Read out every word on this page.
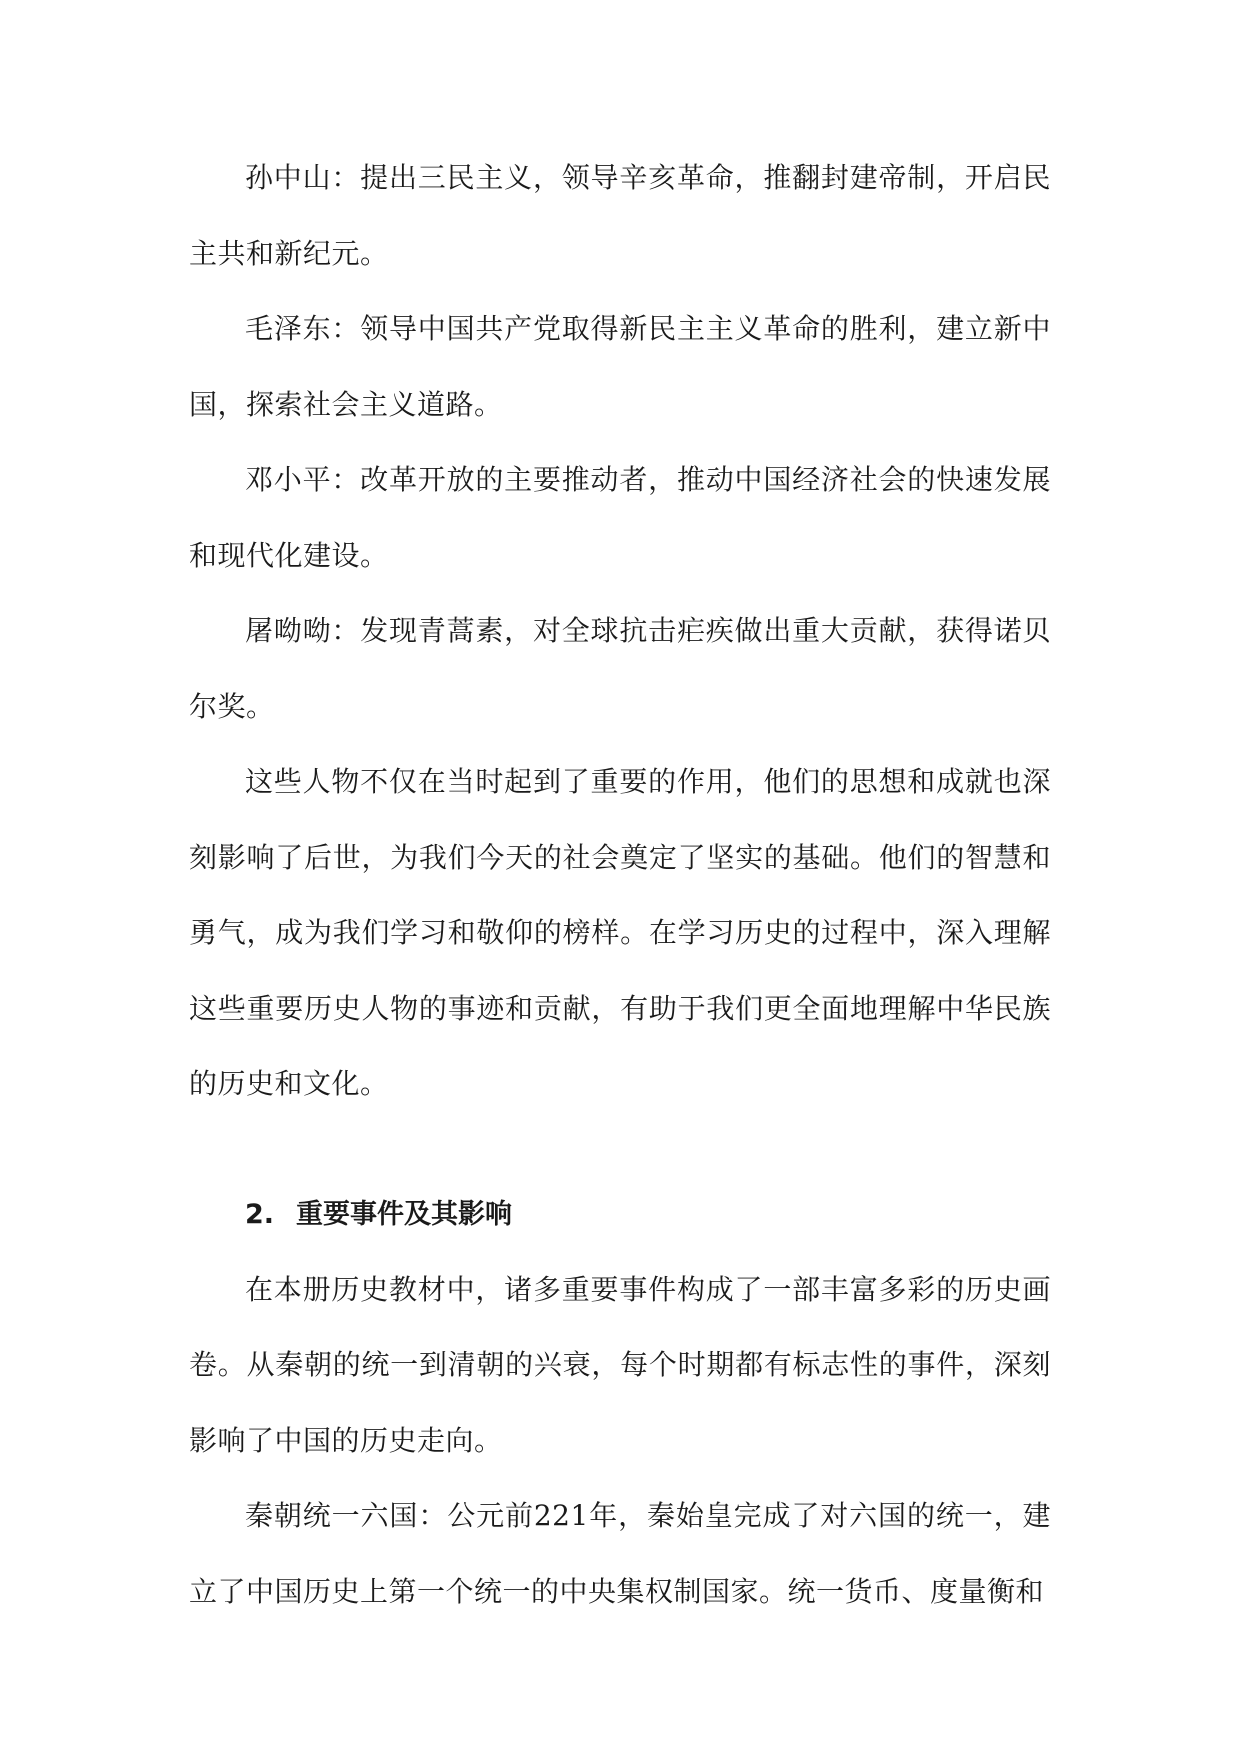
孙中山：提出三民主义，领导辛亥革命，推翻封建帝制，开启民主共和新纪元。

毛泽东：领导中国共产党取得新民主主义革命的胜利，建立新中国，探索社会主义道路。

邓小平：改革开放的主要推动者，推动中国经济社会的快速发展和现代化建设。

屠呦呦：发现青蒿素，对全球抗击疟疾做出重大贡献，获得诺贝尔奖。

这些人物不仅在当时起到了重要的作用，他们的思想和成就也深刻影响了后世，为我们今天的社会奠定了坚实的基础。他们的智慧和勇气，成为我们学习和敬仰的榜样。在学习历史的过程中，深入理解这些重要历史人物的事迹和贡献，有助于我们更全面地理解中华民族的历史和文化。

2. 重要事件及其影响

在本册历史教材中，诸多重要事件构成了一部丰富多彩的历史画卷。从秦朝的统一到清朝的兴衰，每个时期都有标志性的事件，深刻影响了中国的历史走向。

秦朝统一六国：公元前221年，秦始皇完成了对六国的统一，建立了中国历史上第一个统一的中央集权制国家。统一货币、度量衡和
